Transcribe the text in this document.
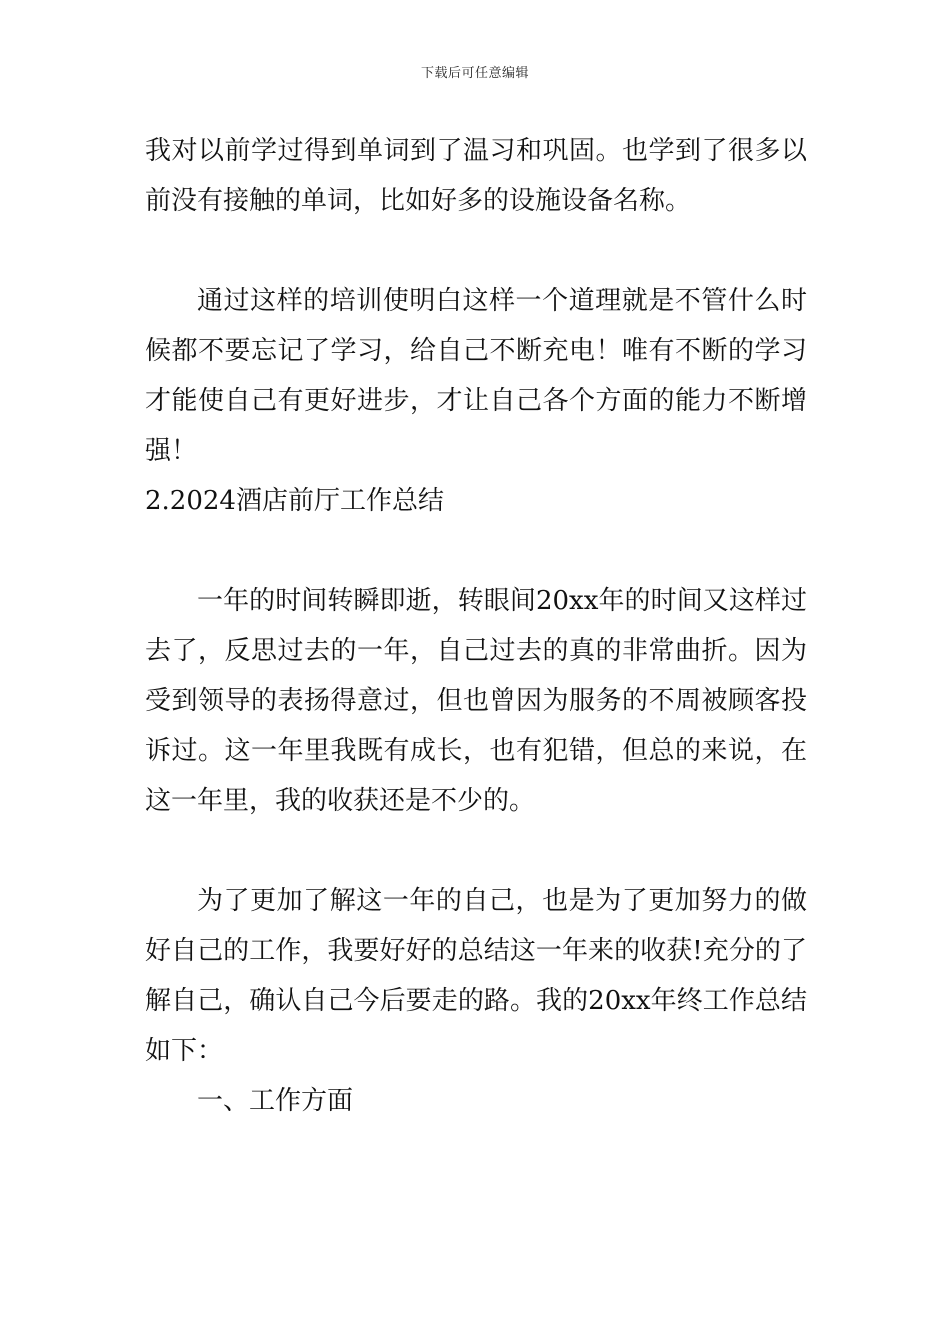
下载后可任意编辑

我对以前学过得到单词到了温习和巩固。也学到了很多以前没有接触的单词，比如好多的设施设备名称。

通过这样的培训使明白这样一个道理就是不管什么时候都不要忘记了学习，给自己不断充电！唯有不断的学习才能使自己有更好进步，才让自己各个方面的能力不断增强！

2.2024酒店前厅工作总结

一年的时间转瞬即逝，转眼间20xx年的时间又这样过去了，反思过去的一年，自己过去的真的非常曲折。因为受到领导的表扬得意过，但也曾因为服务的不周被顾客投诉过。这一年里我既有成长，也有犯错，但总的来说，在这一年里，我的收获还是不少的。

为了更加了解这一年的自己，也是为了更加努力的做好自己的工作，我要好好的总结这一年来的收获!充分的了解自己，确认自己今后要走的路。我的20xx年终工作总结如下：

一、工作方面
